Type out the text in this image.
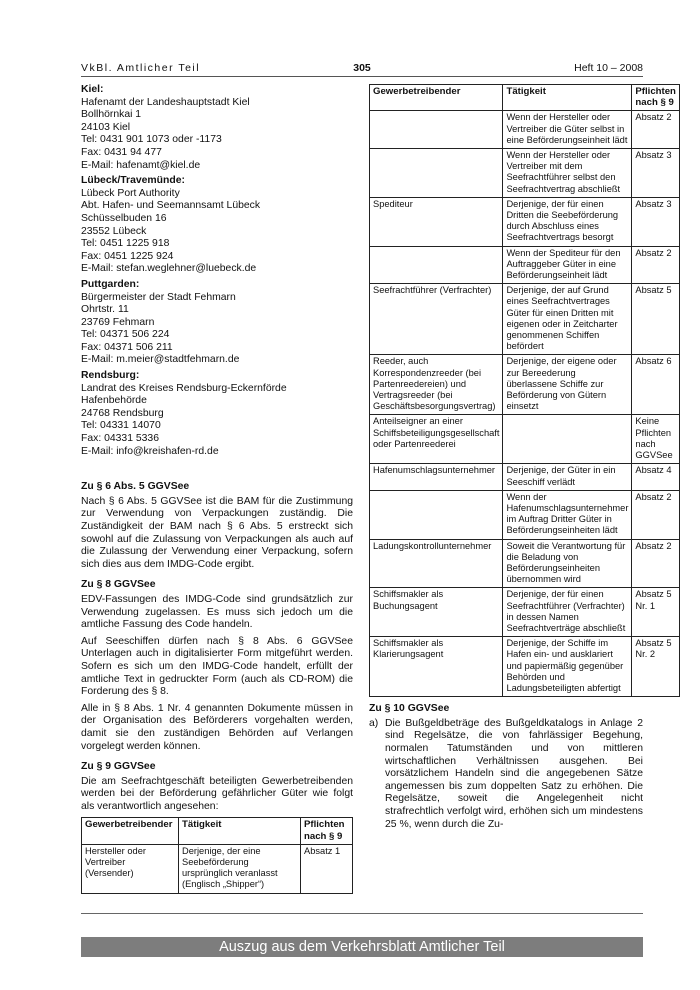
VkBl. Amtlicher Teil	305	Heft 10 – 2008
Kiel:
Hafenamt der Landeshauptstadt Kiel
Bollhörnkai 1
24103 Kiel
Tel: 0431 901 1073 oder -1173
Fax: 0431 94 477
E-Mail: hafenamt@kiel.de
Lübeck/Travemünde:
Lübeck Port Authority
Abt. Hafen- und Seemannsamt Lübeck
Schüsselbuden 16
23552 Lübeck
Tel: 0451 1225 918
Fax: 0451 1225 924
E-Mail: stefan.weglehner@luebeck.de
Puttgarden:
Bürgermeister der Stadt Fehmarn
Ohrtstr. 11
23769 Fehmarn
Tel: 04371 506 224
Fax: 04371 506 211
E-Mail: m.meier@stadtfehmarn.de
Rendsburg:
Landrat des Kreises Rendsburg-Eckernförde
Hafenbehörde
24768 Rendsburg
Tel: 04331 14070
Fax: 04331 5336
E-Mail: info@kreishafen-rd.de
Zu § 6 Abs. 5 GGVSee
Nach § 6 Abs. 5 GGVSee ist die BAM für die Zustimmung zur Verwendung von Verpackungen zuständig. Die Zuständigkeit der BAM nach § 6 Abs. 5 erstreckt sich sowohl auf die Zulassung von Verpackungen als auch auf die Zulassung der Verwendung einer Verpackung, sofern sich dies aus dem IMDG-Code ergibt.
Zu § 8 GGVSee
EDV-Fassungen des IMDG-Code sind grundsätzlich zur Verwendung zugelassen. Es muss sich jedoch um die amtliche Fassung des Code handeln.
Auf Seeschiffen dürfen nach § 8 Abs. 6 GGVSee Unterlagen auch in digitalisierter Form mitgeführt werden. Sofern es sich um den IMDG-Code handelt, erfüllt der amtliche Text in gedruckter Form (auch als CD-ROM) die Forderung des § 8.
Alle in § 8 Abs. 1 Nr. 4 genannten Dokumente müssen in der Organisation des Beförderers vorgehalten werden, damit sie den zuständigen Behörden auf Verlangen vorgelegt werden können.
Zu § 9 GGVSee
Die am Seefrachtgeschäft beteiligten Gewerbetreibenden werden bei der Beförderung gefährlicher Güter wie folgt als verantwortlich angesehen:
Gewerbetreibender	Tätigkeit	Pflichten nach § 9
Hersteller oder Vertreiber (Versender)	Derjenige, der eine Seebeförderung ursprünglich veranlasst (Englisch „Shipper“)	Absatz 1
Gewerbetreibender	Tätigkeit	Pflichten nach § 9
	Wenn der Hersteller oder Vertreiber die Güter selbst in eine Beförderungseinheit lädt	Absatz 2
	Wenn der Hersteller oder Vertreiber mit dem Seefrachtführer selbst den Seefrachtvertrag abschließt	Absatz 3
Spediteur	Derjenige, der für einen Dritten die Seebeförderung durch Abschluss eines Seefrachtvertrags besorgt	Absatz 3
	Wenn der Spediteur für den Auftraggeber Güter in eine Beförderungseinheit lädt	Absatz 2
Seefrachtführer (Verfrachter)	Derjenige, der auf Grund eines Seefrachtvertrages Güter für einen Dritten mit eigenen oder in Zeitcharter genommenen Schiffen befördert	Absatz 5
Reeder, auch Korrespondenzreeder (bei Partenreedereien) und Vertragsreeder (bei Geschäftsbesorgungsvertrag)	Derjenige, der eigene oder zur Bereederung überlassene Schiffe zur Beförderung von Gütern einsetzt	Absatz 6
Anteilseigner an einer Schiffsbeteiligungsgesellschaft oder Partenreederei		Keine Pflichten nach GGVSee
Hafenumschlagsunternehmer	Derjenige, der Güter in ein Seeschiff verlädt	Absatz 4
	Wenn der Hafenumschlagsunternehmer im Auftrag Dritter Güter in Beförderungseinheiten lädt	Absatz 2
Ladungskontrollunternehmer	Soweit die Verantwortung für die Beladung von Beförderungseinheiten übernommen wird	Absatz 2
Schiffsmakler als Buchungsagent	Derjenige, der für einen Seefrachtführer (Verfrachter) in dessen Namen Seefrachtverträge abschließt	Absatz 5 Nr. 1
Schiffsmakler als Klarierungsagent	Derjenige, der Schiffe im Hafen ein- und ausklariert und papiermäßig gegenüber Behörden und Ladungsbeteiligten abfertigt	Absatz 5 Nr. 2
Zu § 10 GGVSee
a) Die Bußgeldbeträge des Bußgeldkatalogs in Anlage 2 sind Regelsätze, die von fahrlässiger Begehung, normalen Tatumständen und von mittleren wirtschaftlichen Verhältnissen ausgehen. Bei vorsätzlichem Handeln sind die angegebenen Sätze angemessen bis zum doppelten Satz zu erhöhen. Die Regelsätze, soweit die Angelegenheit nicht strafrechtlich verfolgt wird, erhöhen sich um mindestens 25 %, wenn durch die Zu-
Auszug aus dem Verkehrsblatt Amtlicher Teil
